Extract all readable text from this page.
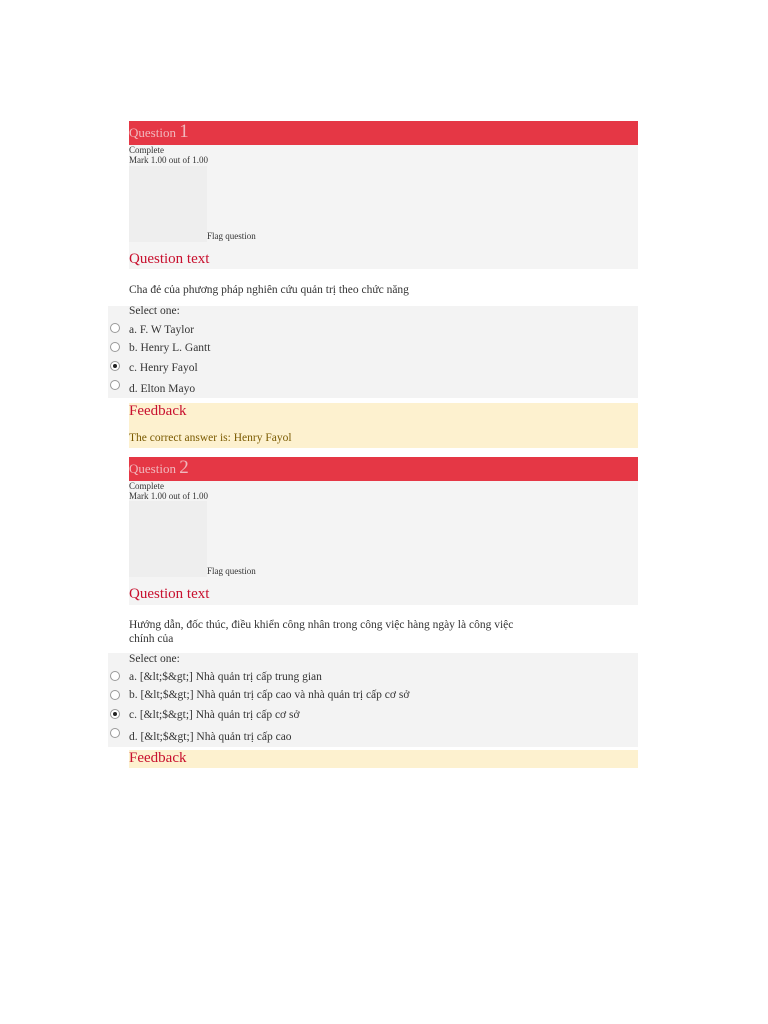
Question 1
Complete
Mark 1.00 out of 1.00
Flag question
Question text
Cha đẻ của phương pháp nghiên cứu quản trị theo chức năng
Select one:
a. F. W Taylor
b. Henry L. Gantt
c. Henry Fayol
d. Elton Mayo
Feedback
The correct answer is: Henry Fayol
Question 2
Complete
Mark 1.00 out of 1.00
Flag question
Question text
Hướng dẫn, đốc thúc, điều khiển công nhân trong công việc hàng ngày là công việc chính của
Select one:
a. [&lt;$&gt;] Nhà quản trị cấp trung gian
b. [&lt;$&gt;] Nhà quản trị cấp cao và nhà quản trị cấp cơ sở
c. [&lt;$&gt;] Nhà quản trị cấp cơ sở
d. [&lt;$&gt;] Nhà quản trị cấp cao
Feedback
